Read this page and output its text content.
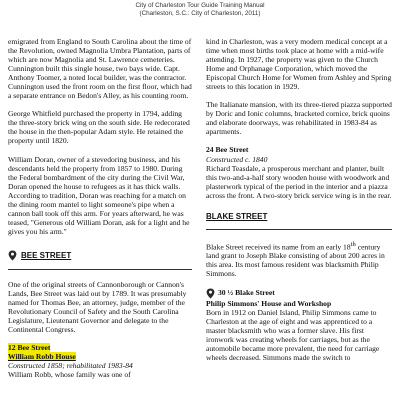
City of Charleston Tour Guide Training Manual
(Charleston, S.C.: City of Charleston, 2011)

emigrated from England to South Carolina about the time of the Revolution, owned Magnolia Umbra Plantation, parts of which are now Magnolia and St. Lawrence cemeteries. Cunnington built this single house, two bays wide. Capt. Anthony Toomer, a noted local builder, was the contractor. Cunnington used the front room on the first floor, which had a separate entrance on Bedon's Alley, as his counting room.

George Whitfield purchased the property in 1794, adding the three-story brick wing on the south side. He redecorated the house in the then-popular Adam style. He retained the property until 1820.

William Doran, owner of a stevedoring business, and his descendants held the property from 1857 to 1980. During the Federal bombardment of the city during the Civil War, Doran opened the house to refugees as it has thick walls. According to tradition, Doran was reaching for a match on the dining room mantel to light someone's pipe when a cannon ball took off this arm. For years afterward, he was teased, "Generous old William Doran, ask for a light and he gives you his arm."

BEE STREET

One of the original streets of Cannonborough or Cannon's Lands, Bee Street was laid out by 1789. It was presumably named for Thomas Bee, an attorney, judge, member of the Revolutionary Council of Safety and the South Carolina Legislature, Lieutenant Governor and delegate to the Continental Congress.

12 Bee Street
William Robb House
Constructed 1858; rehabilitated 1983-84
William Robb, whose family was one of

kind in Charleston, was a very modern medical concept at a time when most births took place at home with a mid-wife attending. In 1927, the property was given to the Church Home and Orphanage Corporation, which moved the Episcopal Church Home for Women from Ashley and Spring streets to this location in 1929.

The Italianate mansion, with its three-tiered piazza supported by Doric and Ionic columns, bracketed cornice, brick quoins and elaborate doorways, was rehabilitated in 1983-84 as apartments.

24 Bee Street
Constructed c. 1840
Richard Teasdale, a prosperous merchant and planter, built this two-and-a-half story wooden house with woodwork and plasterwork typical of the period in the interior and a piazza across the front. A two-story brick service wing is in the rear.
BLAKE STREET

Blake Street received its name from an early 18th century land grant to Joseph Blake consisting of about 200 acres in this area. Its most famous resident was blacksmith Philip Simmons.

30 ½ Blake Street
Philip Simmons' House and Workshop
Born in 1912 on Daniel Island, Philip Simmons came to Charleston at the age of eight and was apprenticed to a master blacksmith who was a former slave. His first ironwork was creating wheels for carriages, but as the automobile became more prevalent, the need for carriage wheels decreased. Simmons made the switch to
